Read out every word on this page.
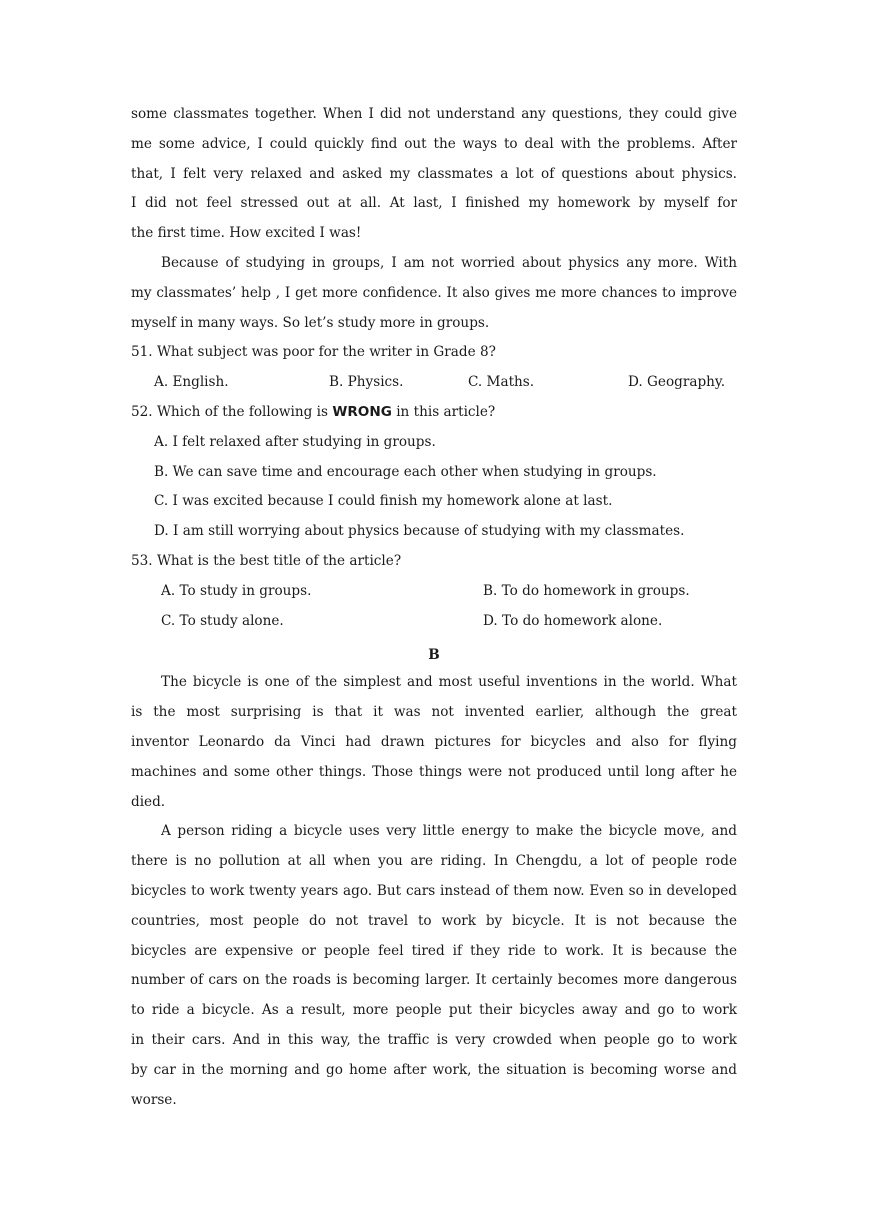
some classmates together. When I did not understand any questions, they could give
me some advice, I could quickly find out the ways to deal with the problems. After
that, I felt very relaxed and asked my classmates a lot of questions about physics.
I did not feel stressed out at all. At last, I finished my homework by myself for
the first time. How excited I was!
Because of studying in groups, I am not worried about physics any more. With
my classmates’ help , I get more confidence. It also gives me more chances to improve
myself in many ways. So let’s study more in groups.
51. What subject was poor for the writer in Grade 8?
A. English.	B. Physics.	C. Maths.	D. Geography.
52. Which of the following is WRONG in this article?
A. I felt relaxed after studying in groups.
B. We can save time and encourage each other when studying in groups.
C. I was excited because I could finish my homework alone at last.
D. I am still worrying about physics because of studying with my classmates.
53. What is the best title of the article?
A. To study in groups.	B. To do homework in groups.
C. To study alone.	D. To do homework alone.
B
The bicycle is one of the simplest and most useful inventions in the world. What
is the most surprising is that it was not invented earlier, although the great
inventor Leonardo da Vinci had drawn pictures for bicycles and also for flying
machines and some other things. Those things were not produced until long after he
died.
A person riding a bicycle uses very little energy to make the bicycle move, and
there is no pollution at all when you are riding. In Chengdu, a lot of people rode
bicycles to work twenty years ago. But cars instead of them now. Even so in developed
countries, most people do not travel to work by bicycle. It is not because the
bicycles are expensive or people feel tired if they ride to work. It is because the
number of cars on the roads is becoming larger. It certainly becomes more dangerous
to ride a bicycle. As a result, more people put their bicycles away and go to work
in their cars. And in this way, the traffic is very crowded when people go to work
by car in the morning and go home after work, the situation is becoming worse and
worse.
